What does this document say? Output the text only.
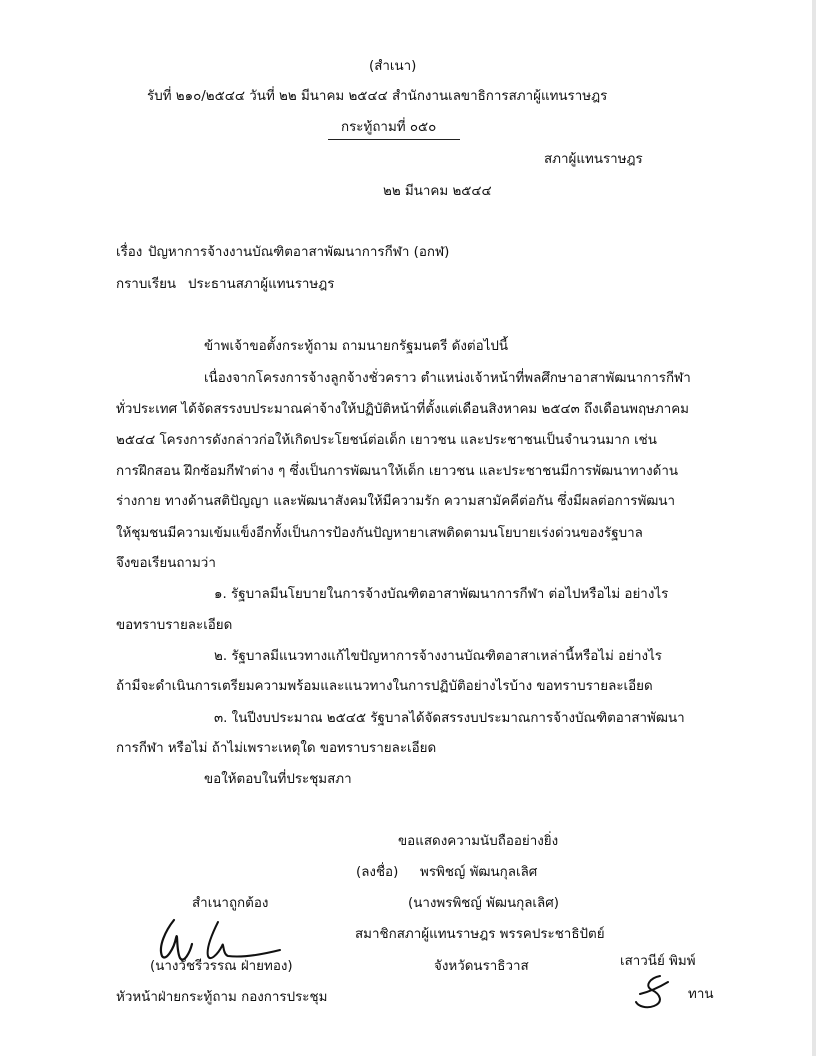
(สำเนา)
รับที่ ๒๑๐/๒๕๔๔ วันที่ ๒๒ มีนาคม ๒๕๔๔ สำนักงานเลขาธิการสภาผู้แทนราษฎร
กระทู้ถามที่ ๐๕๐
สภาผู้แทนราษฎร
๒๒ มีนาคม ๒๕๔๔
เรื่อง ปัญหาการจ้างงานบัณฑิตอาสาพัฒนาการกีฬา (อกฬ)
กราบเรียน ประธานสภาผู้แทนราษฎร
ข้าพเจ้าขอตั้งกระทู้ถาม ถามนายกรัฐมนตรี ดังต่อไปนี้
เนื่องจากโครงการจ้างลูกจ้างชั่วคราว ตำแหน่งเจ้าหน้าที่พลศึกษาอาสาพัฒนาการกีฬา
ทั่วประเทศ ได้จัดสรรงบประมาณค่าจ้างให้ปฏิบัติหน้าที่ตั้งแต่เดือนสิงหาคม ๒๕๔๓ ถึงเดือนพฤษภาคม
๒๕๔๔ โครงการดังกล่าวก่อให้เกิดประโยชน์ต่อเด็ก เยาวชน และประชาชนเป็นจำนวนมาก เช่น
การฝึกสอน ฝึกซ้อมกีฬาต่าง ๆ ซึ่งเป็นการพัฒนาให้เด็ก เยาวชน และประชาชนมีการพัฒนาทางด้าน
ร่างกาย ทางด้านสติปัญญา และพัฒนาสังคมให้มีความรัก ความสามัคคีต่อกัน ซึ่งมีผลต่อการพัฒนา
ให้ชุมชนมีความเข้มแข็งอีกทั้งเป็นการป้องกันปัญหายาเสพติดตามนโยบายเร่งด่วนของรัฐบาล
จึงขอเรียนถามว่า
๑. รัฐบาลมีนโยบายในการจ้างบัณฑิตอาสาพัฒนาการกีฬา ต่อไปหรือไม่ อย่างไร
ขอทราบรายละเอียด
๒. รัฐบาลมีแนวทางแก้ไขปัญหาการจ้างงานบัณฑิตอาสาเหล่านี้หรือไม่ อย่างไร
ถ้ามีจะดำเนินการเตรียมความพร้อมและแนวทางในการปฏิบัติอย่างไรบ้าง ขอทราบรายละเอียด
๓. ในปีงบประมาณ ๒๕๔๕ รัฐบาลได้จัดสรรงบประมาณการจ้างบัณฑิตอาสาพัฒนา
การกีฬา หรือไม่ ถ้าไม่เพราะเหตุใด ขอทราบรายละเอียด
ขอให้ตอบในที่ประชุมสภา
ขอแสดงความนับถืออย่างยิ่ง
(ลงชื่อ) พรพิชญ์ พัฒนกุลเลิศ
(นางพรพิชญ์ พัฒนกุลเลิศ)
สมาชิกสภาผู้แทนราษฎร พรรคประชาธิปัตย์
จังหวัดนราธิวาส
สำเนาถูกต้อง
(นางวัชรีวรรณ ฝ่ายทอง)
หัวหน้าฝ่ายกระทู้ถาม กองการประชุม
เสาวนีย์ พิมพ์
ทาน
